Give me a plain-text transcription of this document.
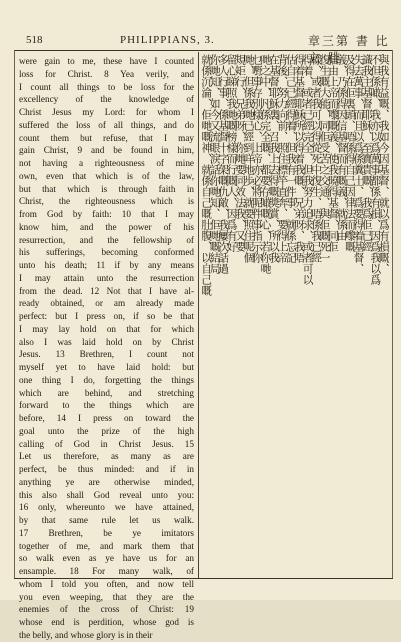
518	PHILIPPIANS, 3.	章三第 書 比 立 腓
were gain to me, these have I counted
loss for Christ. 8 Yea verily, and
I count all things to be loss for the
excellency of the knowledge of
Christ Jesus my Lord: for whom I
suffered the loss of all things, and do
count them but refuse, that I may
gain Christ, 9 and be found in him,
not having a righteousness of mine
own, even that which is of the law,
but that which is through faith in
Christ, the righteousness which is
from God by faith: 10 that I may
know him, and the power of his
resurrection, and the fellowship of
his sufferings, becoming conformed
unto his death; 11 if by any means
I may attain unto the resurrection
from the dead. 12 Not that I have al-
ready obtained, or am already made
perfect: but I press on, if so be that
I may lay hold on that for which
also I was laid hold on by Christ
Jesus. 13 Brethren, I count not
myself yet to have laid hold: but
one thing I do, forgetting the things
which are behind, and stretching
forward to the things which are
before, 14 I press on toward the
goal unto the prize of the high
calling of God in Christ Jesus. 15
Let us therefore, as many as are
perfect, be thus minded: and if in
anything ye are otherwise minded,
this also shall God reveal unto you:
16 only, whereunto we have attained,
by that same rule let us walk.
17 Brethren, be ye imitators
together of me, and mark them that
so walk even as ye have us for an
ensample. 18 For many walk, of
whom I told you often, and now tell
you even weeping, that they are the
enemies of the cross of Christ: 19
whose end is perdition, whose god is
the belly, and whose glory is in their
與我有益嘅、我如今因基督、就以爲有損嘅、
不但係噉、我亦以爲萬事都係有損、因爲我以爲
識我主基督耶穌、至寶貴嘅、我爲佢已經
失去萬事、而且以爲係糞土、爲要得着基督、
及得在佢裏頭、唔係得自己因律法而嚟嘅
義、乃係得因信基督而有嘅義、就係由
信由上帝而嚟嘅義、使我曉得基督、同佢
復生嘅大能、同佢受苦之交通、與佢嘅死一
樣、或者我可以得從死中復生、唔係我已經
得着、或者已經完全、但我努力追求、或者可以
得着基督耶穌所以得着我嘅、兄弟呀、我唔
估自己已經得着、但我有一件事、就係忘記
背後、努力向前、照住標竿直奔、要得上帝
在基督耶穌裏、召我上去得嘅獎賞、所以我
哋之中、凡係完全嘅、都要存噉嘅心、若你哋
乜嘢事存別樣心、上帝亦必將呢件事指示你
哋、但係我哋已經到咩地步、就要照住呢個
規矩行、兄弟呀、你哋要同效法我、又要
留心睇照我哋嘅榜樣而行嘅人、因爲有好
多人行事、係基督十字架嘅仇敵、我屢次話過
你哋知、如今又流眼淚話你哋知、佢哋嘅結局
就係沉淪、佢哋嘅神、就係自己嘅肚腹、以自己嘅
